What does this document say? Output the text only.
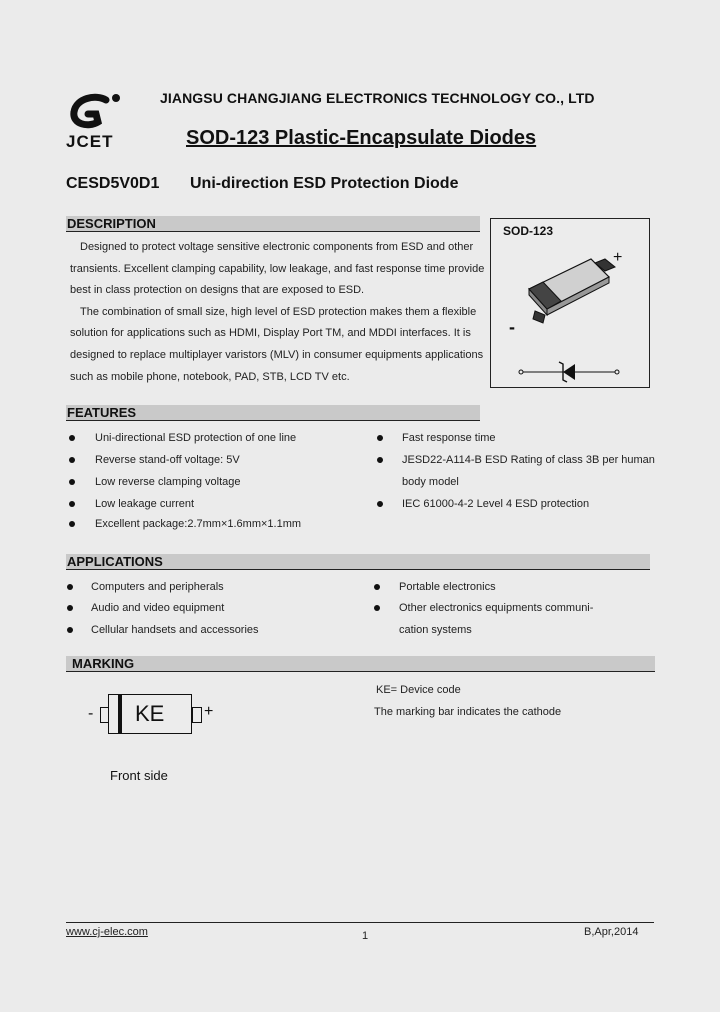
JCET
JIANGSU CHANGJIANG ELECTRONICS TECHNOLOGY CO., LTD
SOD-123 Plastic-Encapsulate Diodes
CESD5V0D1 Uni-direction ESD Protection Diode
DESCRIPTION
Designed to protect voltage sensitive electronic components from ESD and other
transients. Excellent clamping capability, low leakage, and fast response time provide
best in class protection on designs that are exposed to ESD.
The combination of small size, high level of ESD protection makes them a flexible
solution for applications such as HDMI, Display Port TM, and MDDI interfaces. It is
designed to replace multiplayer varistors (MLV) in consumer equipments applications
such as mobile phone, notebook, PAD, STB, LCD TV etc.
SOD-123
+
-
FEATURES
Uni-directional ESD protection of one line
Reverse stand-off voltage: 5V
Low reverse clamping voltage
Low leakage current
Excellent package:2.7mm×1.6mm×1.1mm
Fast response time
JESD22-A114-B ESD Rating of class 3B per human
body model
IEC 61000-4-2 Level 4 ESD protection
APPLICATIONS
Computers and peripherals
Audio and video equipment
Cellular handsets and accessories
Portable electronics
Other electronics equipments communi-
cation systems
MARKING
- KE +
KE= Device code
The marking bar indicates the cathode
Front side
www.cj-elec.com	1	B,Apr,2014
